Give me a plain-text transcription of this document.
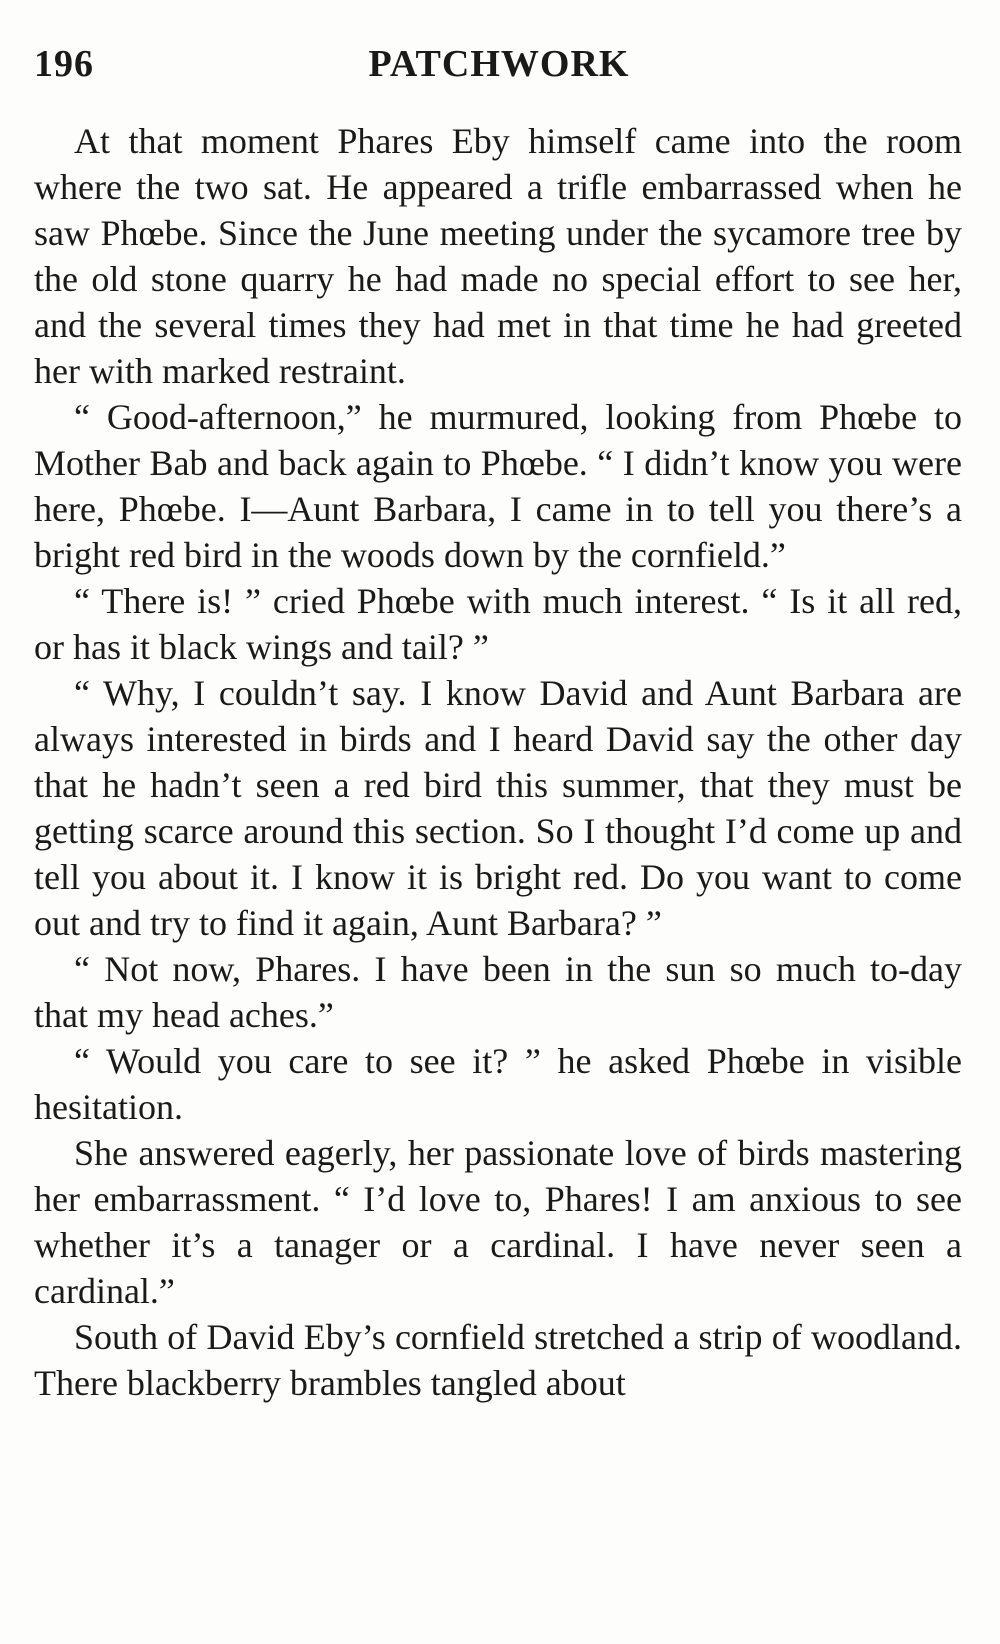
196	PATCHWORK

At that moment Phares Eby himself came into the room where the two sat. He appeared a trifle embarrassed when he saw Phœbe. Since the June meeting under the sycamore tree by the old stone quarry he had made no special effort to see her, and the several times they had met in that time he had greeted her with marked restraint.

“ Good-afternoon,” he murmured, looking from Phœbe to Mother Bab and back again to Phœbe. “ I didn’t know you were here, Phœbe. I—Aunt Barbara, I came in to tell you there’s a bright red bird in the woods down by the cornfield.”

“ There is! ” cried Phœbe with much interest. “ Is it all red, or has it black wings and tail? ”

“ Why, I couldn’t say. I know David and Aunt Barbara are always interested in birds and I heard David say the other day that he hadn’t seen a red bird this summer, that they must be getting scarce around this section. So I thought I’d come up and tell you about it. I know it is bright red. Do you want to come out and try to find it again, Aunt Barbara? ”

“ Not now, Phares. I have been in the sun so much to-day that my head aches.”

“ Would you care to see it? ” he asked Phœbe in visible hesitation.

She answered eagerly, her passionate love of birds mastering her embarrassment. “ I’d love to, Phares! I am anxious to see whether it’s a tanager or a cardinal. I have never seen a cardinal.”

South of David Eby’s cornfield stretched a strip of woodland. There blackberry brambles tangled about
